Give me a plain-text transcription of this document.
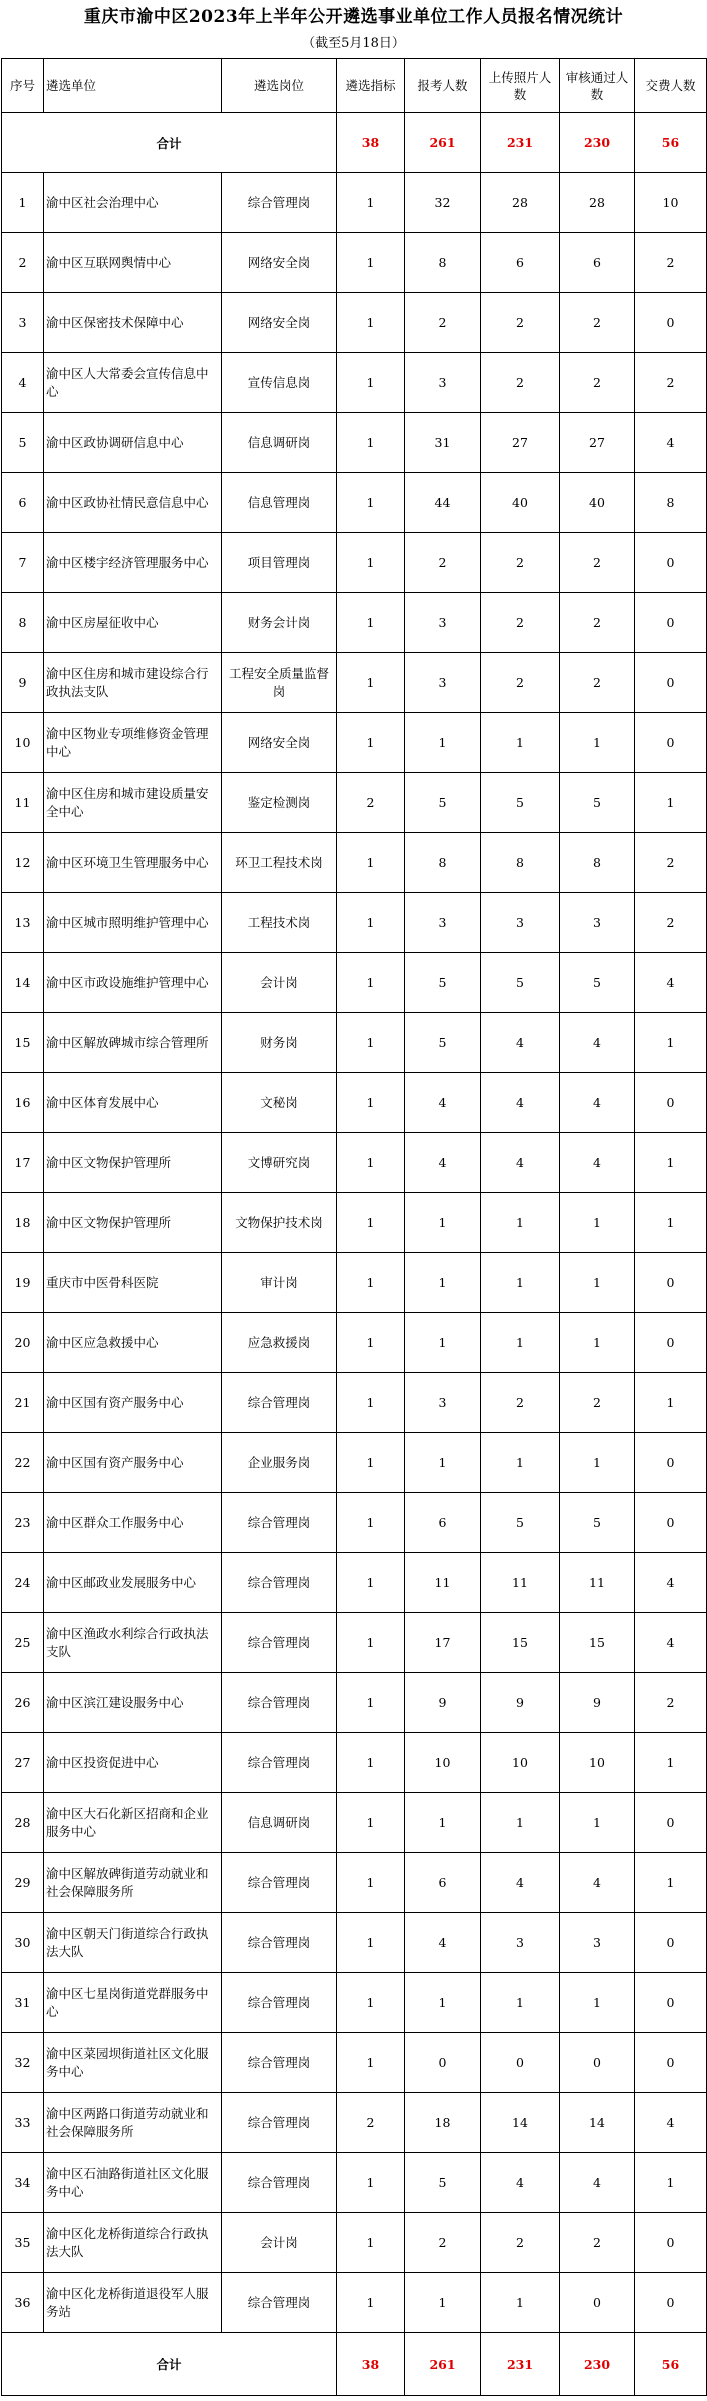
重庆市渝中区2023年上半年公开遴选事业单位工作人员报名情况统计
（截至5月18日）
序号	遴选单位	遴选岗位	遴选指标	报考人数	上传照片人数	审核通过人数	交费人数
合计			38	261	231	230	56
1	渝中区社会治理中心	综合管理岗	1	32	28	28	10
2	渝中区互联网舆情中心	网络安全岗	1	8	6	6	2
3	渝中区保密技术保障中心	网络安全岗	1	2	2	2	0
4	渝中区人大常委会宣传信息中心	宣传信息岗	1	3	2	2	2
5	渝中区政协调研信息中心	信息调研岗	1	31	27	27	4
6	渝中区政协社情民意信息中心	信息管理岗	1	44	40	40	8
7	渝中区楼宇经济管理服务中心	项目管理岗	1	2	2	2	0
8	渝中区房屋征收中心	财务会计岗	1	3	2	2	0
9	渝中区住房和城市建设综合行政执法支队	工程安全质量监督岗	1	3	2	2	0
10	渝中区物业专项维修资金管理中心	网络安全岗	1	1	1	1	0
11	渝中区住房和城市建设质量安全中心	鉴定检测岗	2	5	5	5	1
12	渝中区环境卫生管理服务中心	环卫工程技术岗	1	8	8	8	2
13	渝中区城市照明维护管理中心	工程技术岗	1	3	3	3	2
14	渝中区市政设施维护管理中心	会计岗	1	5	5	5	4
15	渝中区解放碑城市综合管理所	财务岗	1	5	4	4	1
16	渝中区体育发展中心	文秘岗	1	4	4	4	0
17	渝中区文物保护管理所	文博研究岗	1	4	4	4	1
18	渝中区文物保护管理所	文物保护技术岗	1	1	1	1	1
19	重庆市中医骨科医院	审计岗	1	1	1	1	0
20	渝中区应急救援中心	应急救援岗	1	1	1	1	0
21	渝中区国有资产服务中心	综合管理岗	1	3	2	2	1
22	渝中区国有资产服务中心	企业服务岗	1	1	1	1	0
23	渝中区群众工作服务中心	综合管理岗	1	6	5	5	0
24	渝中区邮政业发展服务中心	综合管理岗	1	11	11	11	4
25	渝中区渔政水利综合行政执法支队	综合管理岗	1	17	15	15	4
26	渝中区滨江建设服务中心	综合管理岗	1	9	9	9	2
27	渝中区投资促进中心	综合管理岗	1	10	10	10	1
28	渝中区大石化新区招商和企业服务中心	信息调研岗	1	1	1	1	0
29	渝中区解放碑街道劳动就业和社会保障服务所	综合管理岗	1	6	4	4	1
30	渝中区朝天门街道综合行政执法大队	综合管理岗	1	4	3	3	0
31	渝中区七星岗街道党群服务中心	综合管理岗	1	1	1	1	0
32	渝中区菜园坝街道社区文化服务中心	综合管理岗	1	0	0	0	0
33	渝中区两路口街道劳动就业和社会保障服务所	综合管理岗	2	18	14	14	4
34	渝中区石油路街道社区文化服务中心	综合管理岗	1	5	4	4	1
35	渝中区化龙桥街道综合行政执法大队	会计岗	1	2	2	2	0
36	渝中区化龙桥街道退役军人服务站	综合管理岗	1	1	1	0	0
合计			38	261	231	230	56
